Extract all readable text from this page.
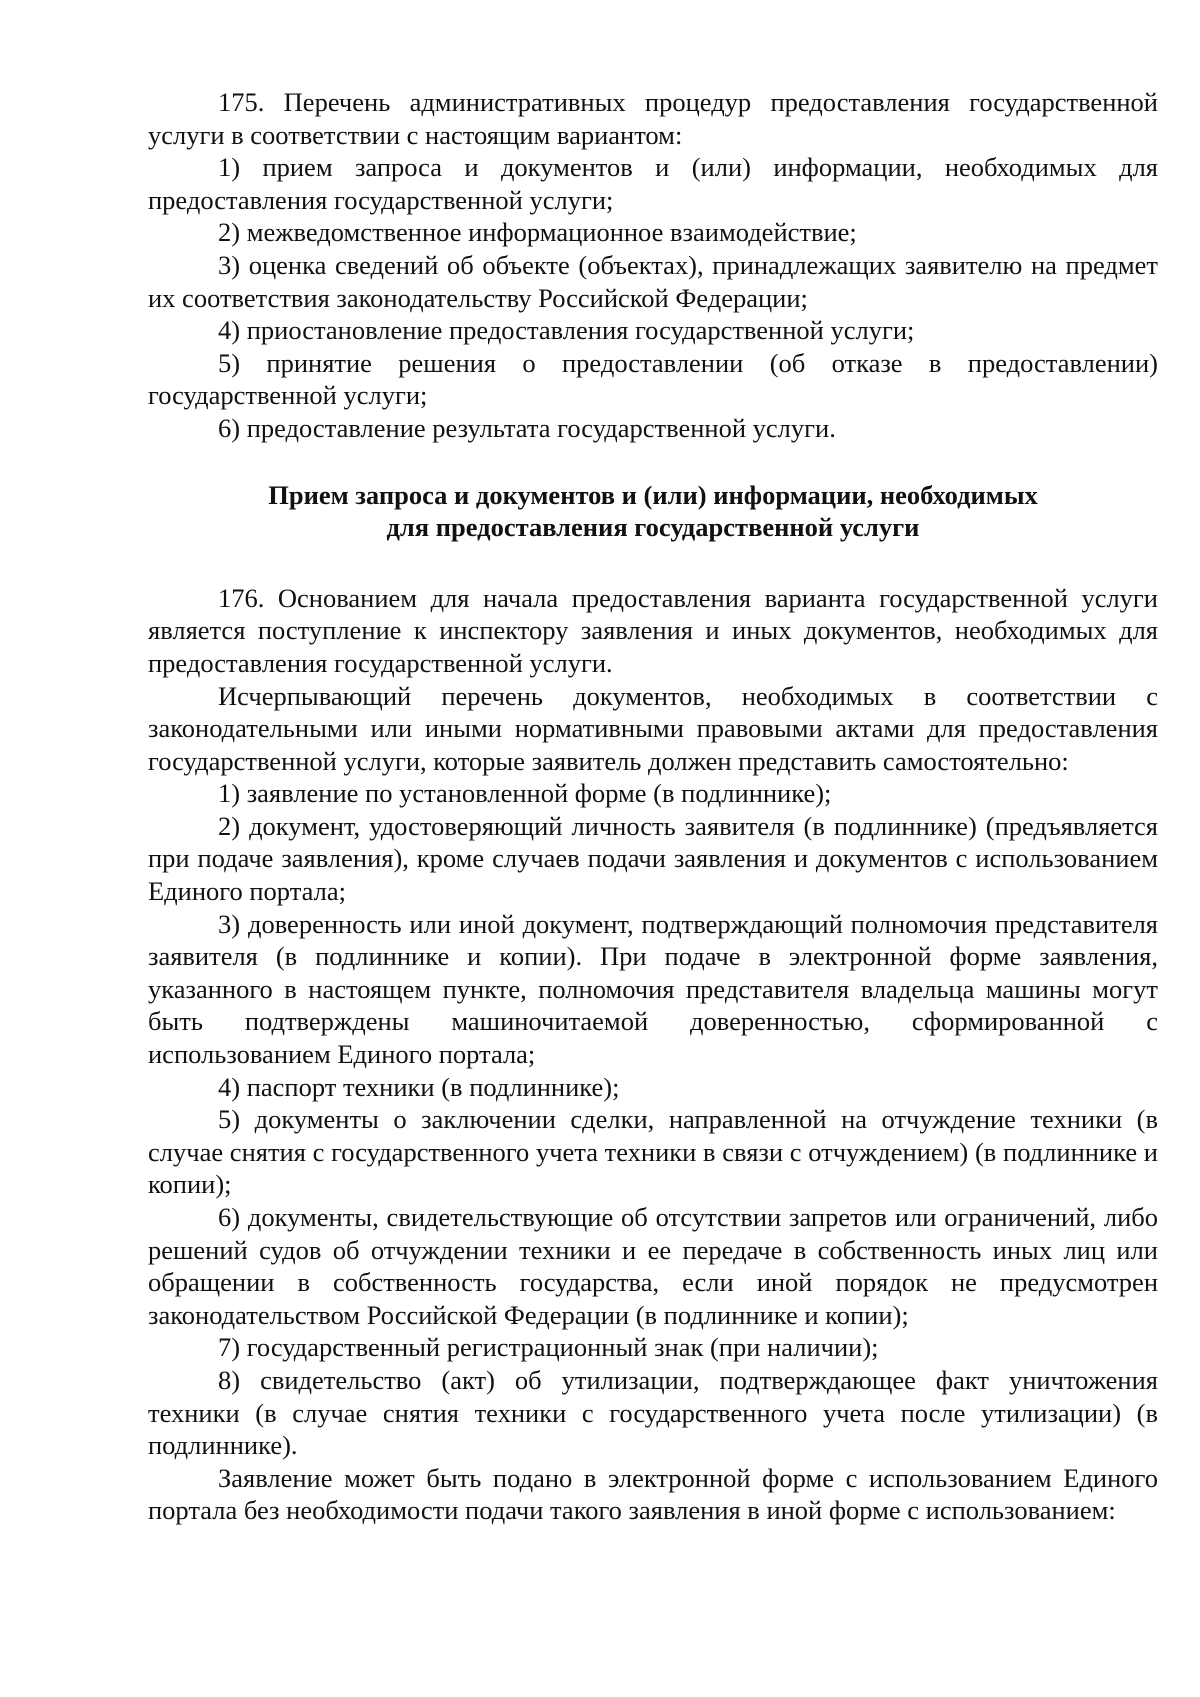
175. Перечень административных процедур предоставления государственной услуги в соответствии с настоящим вариантом:

1) прием запроса и документов и (или) информации, необходимых для предоставления государственной услуги;

2) межведомственное информационное взаимодействие;

3) оценка сведений об объекте (объектах), принадлежащих заявителю на предмет их соответствия законодательству Российской Федерации;

4) приостановление предоставления государственной услуги;

5) принятие решения о предоставлении (об отказе в предоставлении) государственной услуги;

6) предоставление результата государственной услуги.

Прием запроса и документов и (или) информации, необходимых

для предоставления государственной услуги

176. Основанием для начала предоставления варианта государственной услуги является поступление к инспектору заявления и иных документов, необходимых для предоставления государственной услуги.

Исчерпывающий перечень документов, необходимых в соответствии с законодательными или иными нормативными правовыми актами для предоставления государственной услуги, которые заявитель должен представить самостоятельно:

1) заявление по установленной форме (в подлиннике);

2) документ, удостоверяющий личность заявителя (в подлиннике) (предъявляется при подаче заявления), кроме случаев подачи заявления и документов с использованием Единого портала;

3) доверенность или иной документ, подтверждающий полномочия представителя заявителя (в подлиннике и копии). При подаче в электронной форме заявления, указанного в настоящем пункте, полномочия представителя владельца машины могут быть подтверждены машиночитаемой доверенностью, сформированной с использованием Единого портала;

4) паспорт техники (в подлиннике);

5) документы о заключении сделки, направленной на отчуждение техники (в случае снятия с государственного учета техники в связи с отчуждением) (в подлиннике и копии);

6) документы, свидетельствующие об отсутствии запретов или ограничений, либо решений судов об отчуждении техники и ее передаче в собственность иных лиц или обращении в собственность государства, если иной порядок не предусмотрен законодательством Российской Федерации (в подлиннике и копии);

7) государственный регистрационный знак (при наличии);

8) свидетельство (акт) об утилизации, подтверждающее факт уничтожения техники (в случае снятия техники с государственного учета после утилизации) (в подлиннике).

Заявление может быть подано в электронной форме с использованием Единого портала без необходимости подачи такого заявления в иной форме с использованием:
